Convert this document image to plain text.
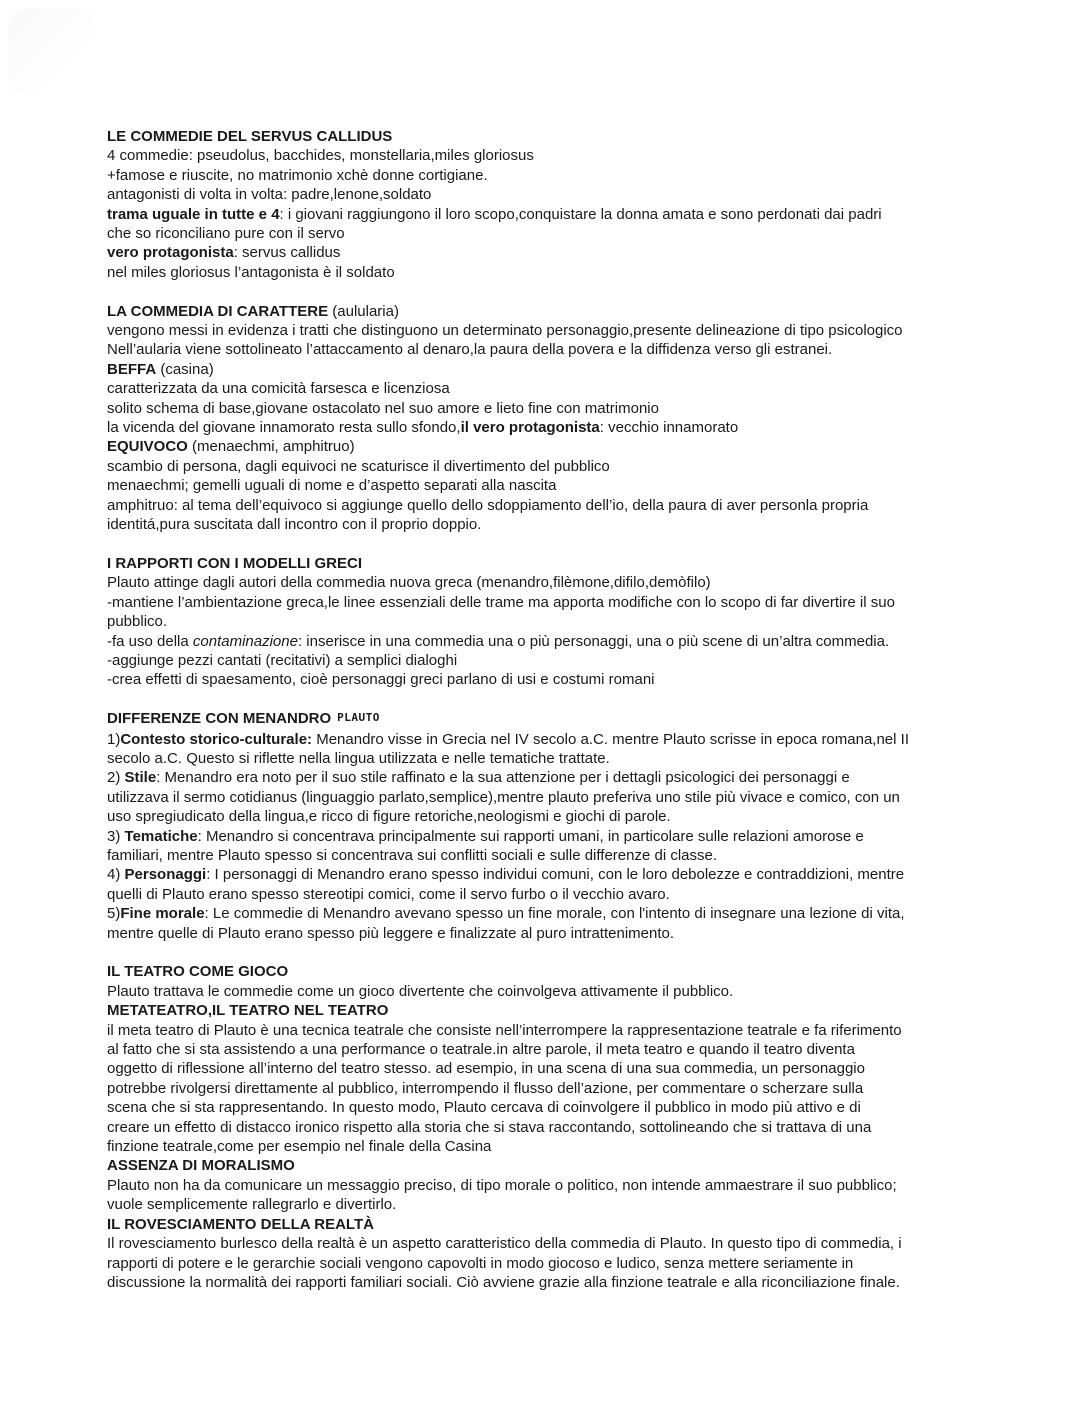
LE COMMEDIE DEL SERVUS CALLIDUS

4 commedie: pseudolus, bacchides, monstellaria,miles gloriosus

+famose e riuscite, no matrimonio xchè donne cortigiane.

antagonisti di volta in volta: padre,lenone,soldato

trama uguale in tutte e 4: i giovani raggiungono il loro scopo,conquistare la donna amata e sono perdonati dai padri

che so riconciliano pure con il servo

vero protagonista: servus callidus

nel miles gloriosus l’antagonista è il soldato

LA COMMEDIA DI CARATTERE (aulularia)

vengono messi in evidenza i tratti che distinguono un determinato personaggio,presente delineazione di tipo psicologico

Nell’aularia viene sottolineato l’attaccamento al denaro,la paura della povera e la diffidenza verso gli estranei.

BEFFA (casina)

caratterizzata da una comicità farsesca e licenziosa

solito schema di base,giovane ostacolato nel suo amore e lieto fine con matrimonio

la vicenda del giovane innamorato resta sullo sfondo,il vero protagonista: vecchio innamorato

EQUIVOCO (menaechmi, amphitruo)

scambio di persona, dagli equivoci ne scaturisce il divertimento del pubblico

menaechmi; gemelli uguali di nome e d’aspetto separati alla nascita

amphitruo: al tema dell’equivoco si aggiunge quello dello sdoppiamento dell’io, della paura di aver personla propria

identitá,pura suscitata dall incontro con il proprio doppio.

I RAPPORTI CON I MODELLI GRECI

Plauto attinge dagli autori della commedia nuova greca (menandro,filèmone,difilo,demòfilo)

-mantiene l’ambientazione greca,le linee essenziali delle trame ma apporta modifiche con lo scopo di far divertire il suo

pubblico.

-fa uso della contaminazione: inserisce in una commedia una o più personaggi, una o più scene di un’altra commedia.

-aggiunge pezzi cantati (recitativi) a semplici dialoghi

-crea effetti di spaesamento, cioè personaggi greci parlano di usi e costumi romani

DIFFERENZE CON MENANDRO PLAUTO

1)Contesto storico-culturale: Menandro visse in Grecia nel IV secolo a.C. mentre Plauto scrisse in epoca romana,nel II

secolo a.C. Questo si riflette nella lingua utilizzata e nelle tematiche trattate.

2) Stile: Menandro era noto per il suo stile raffinato e la sua attenzione per i dettagli psicologici dei personaggi e

utilizzava il sermo cotidianus (linguaggio parlato,semplice),mentre plauto preferiva uno stile più vivace e comico, con un

uso spregiudicato della lingua,e ricco di figure retoriche,neologismi e giochi di parole.

3) Tematiche: Menandro si concentrava principalmente sui rapporti umani, in particolare sulle relazioni amorose e

familiari, mentre Plauto spesso si concentrava sui conflitti sociali e sulle differenze di classe.

4) Personaggi: I personaggi di Menandro erano spesso individui comuni, con le loro debolezze e contraddizioni, mentre

quelli di Plauto erano spesso stereotipi comici, come il servo furbo o il vecchio avaro.

5)Fine morale: Le commedie di Menandro avevano spesso un fine morale, con l'intento di insegnare una lezione di vita,

mentre quelle di Plauto erano spesso più leggere e finalizzate al puro intrattenimento.

IL TEATRO COME GIOCO

Plauto trattava le commedie come un gioco divertente che coinvolgeva attivamente il pubblico.

METATEATRO,IL TEATRO NEL TEATRO

il meta teatro di Plauto è una tecnica teatrale che consiste nell’interrompere la rappresentazione teatrale e fa riferimento

al fatto che si sta assistendo a una performance o teatrale.in altre parole, il meta teatro e quando il teatro diventa

oggetto di riflessione all’interno del teatro stesso. ad esempio, in una scena di una sua commedia, un personaggio

potrebbe rivolgersi direttamente al pubblico, interrompendo il flusso dell’azione, per commentare o scherzare sulla

scena che si sta rappresentando. In questo modo, Plauto cercava di coinvolgere il pubblico in modo più attivo e di

creare un effetto di distacco ironico rispetto alla storia che si stava raccontando, sottolineando che si trattava di una

finzione teatrale,come per esempio nel finale della Casina

ASSENZA DI MORALISMO

Plauto non ha da comunicare un messaggio preciso, di tipo morale o politico, non intende ammaestrare il suo pubblico;

vuole semplicemente rallegrarlo e divertirlo.

IL ROVESCIAMENTO DELLA REALTÀ

Il rovesciamento burlesco della realtà è un aspetto caratteristico della commedia di Plauto. In questo tipo di commedia, i

rapporti di potere e le gerarchie sociali vengono capovolti in modo giocoso e ludico, senza mettere seriamente in

discussione la normalità dei rapporti familiari sociali. Ciò avviene grazie alla finzione teatrale e alla riconciliazione finale.
